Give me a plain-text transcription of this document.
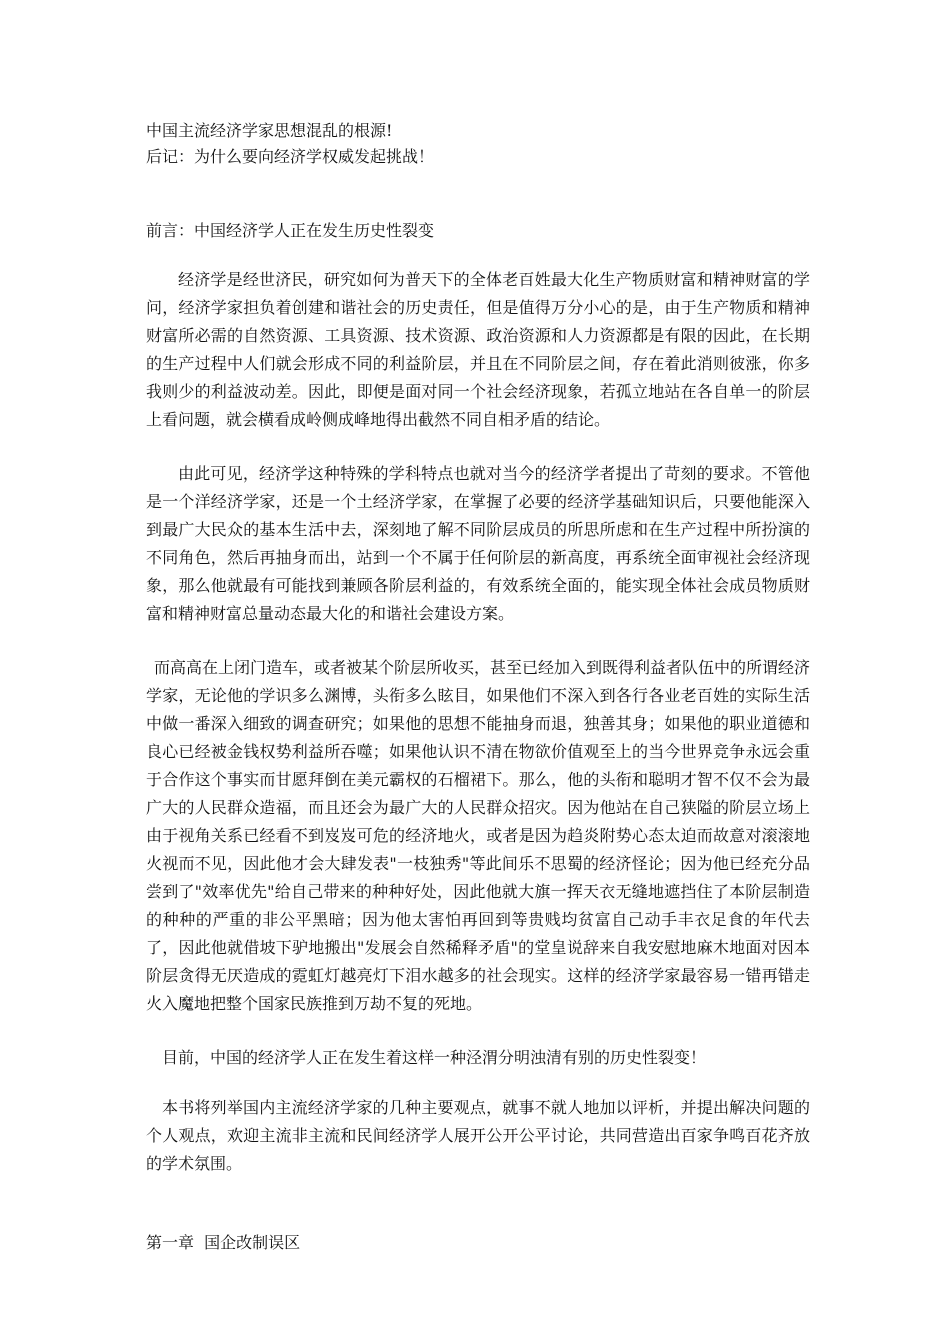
中国主流经济学家思想混乱的根源!

后记：为什么要向经济学权威发起挑战！

前言：中国经济学人正在发生历史性裂变

经济学是经世济民，研究如何为普天下的全体老百姓最大化生产物质财富和精神财富的学问，经济学家担负着创建和谐社会的历史责任，但是值得万分小心的是，由于生产物质和精神财富所必需的自然资源、工具资源、技术资源、政治资源和人力资源都是有限的因此，在长期的生产过程中人们就会形成不同的利益阶层，并且在不同阶层之间，存在着此消则彼涨，你多我则少的利益波动差。因此，即便是面对同一个社会经济现象，若孤立地站在各自单一的阶层上看问题，就会横看成岭侧成峰地得出截然不同自相矛盾的结论。

由此可见，经济学这种特殊的学科特点也就对当今的经济学者提出了苛刻的要求。不管他是一个洋经济学家，还是一个土经济学家，在掌握了必要的经济学基础知识后，只要他能深入到最广大民众的基本生活中去，深刻地了解不同阶层成员的所思所虑和在生产过程中所扮演的不同角色，然后再抽身而出，站到一个不属于任何阶层的新高度，再系统全面审视社会经济现象，那么他就最有可能找到兼顾各阶层利益的，有效系统全面的，能实现全体社会成员物质财富和精神财富总量动态最大化的和谐社会建设方案。

而高高在上闭门造车，或者被某个阶层所收买，甚至已经加入到既得利益者队伍中的所谓经济学家，无论他的学识多么渊博，头衔多么眩目，如果他们不深入到各行各业老百姓的实际生活中做一番深入细致的调查研究；如果他的思想不能抽身而退，独善其身；如果他的职业道德和良心已经被金钱权势利益所吞噬；如果他认识不清在物欲价值观至上的当今世界竞争永远会重于合作这个事实而甘愿拜倒在美元霸权的石榴裙下。那么，他的头衔和聪明才智不仅不会为最广大的人民群众造福，而且还会为最广大的人民群众招灾。因为他站在自己狭隘的阶层立场上由于视角关系已经看不到岌岌可危的经济地火，或者是因为趋炎附势心态太迫而故意对滚滚地火视而不见，因此他才会大肆发表"一枝独秀"等此间乐不思蜀的经济怪论；因为他已经充分品尝到了"效率优先"给自己带来的种种好处，因此他就大旗一挥天衣无缝地遮挡住了本阶层制造的种种的严重的非公平黑暗；因为他太害怕再回到等贵贱均贫富自己动手丰衣足食的年代去了，因此他就借坡下驴地搬出"发展会自然稀释矛盾"的堂皇说辞来自我安慰地麻木地面对因本阶层贪得无厌造成的霓虹灯越亮灯下泪水越多的社会现实。这样的经济学家最容易一错再错走火入魔地把整个国家民族推到万劫不复的死地。

目前，中国的经济学人正在发生着这样一种泾渭分明浊清有别的历史性裂变！

本书将列举国内主流经济学家的几种主要观点，就事不就人地加以评析，并提出解决问题的个人观点，欢迎主流非主流和民间经济学人展开公开公平讨论，共同营造出百家争鸣百花齐放的学术氛围。

第一章  国企改制误区
